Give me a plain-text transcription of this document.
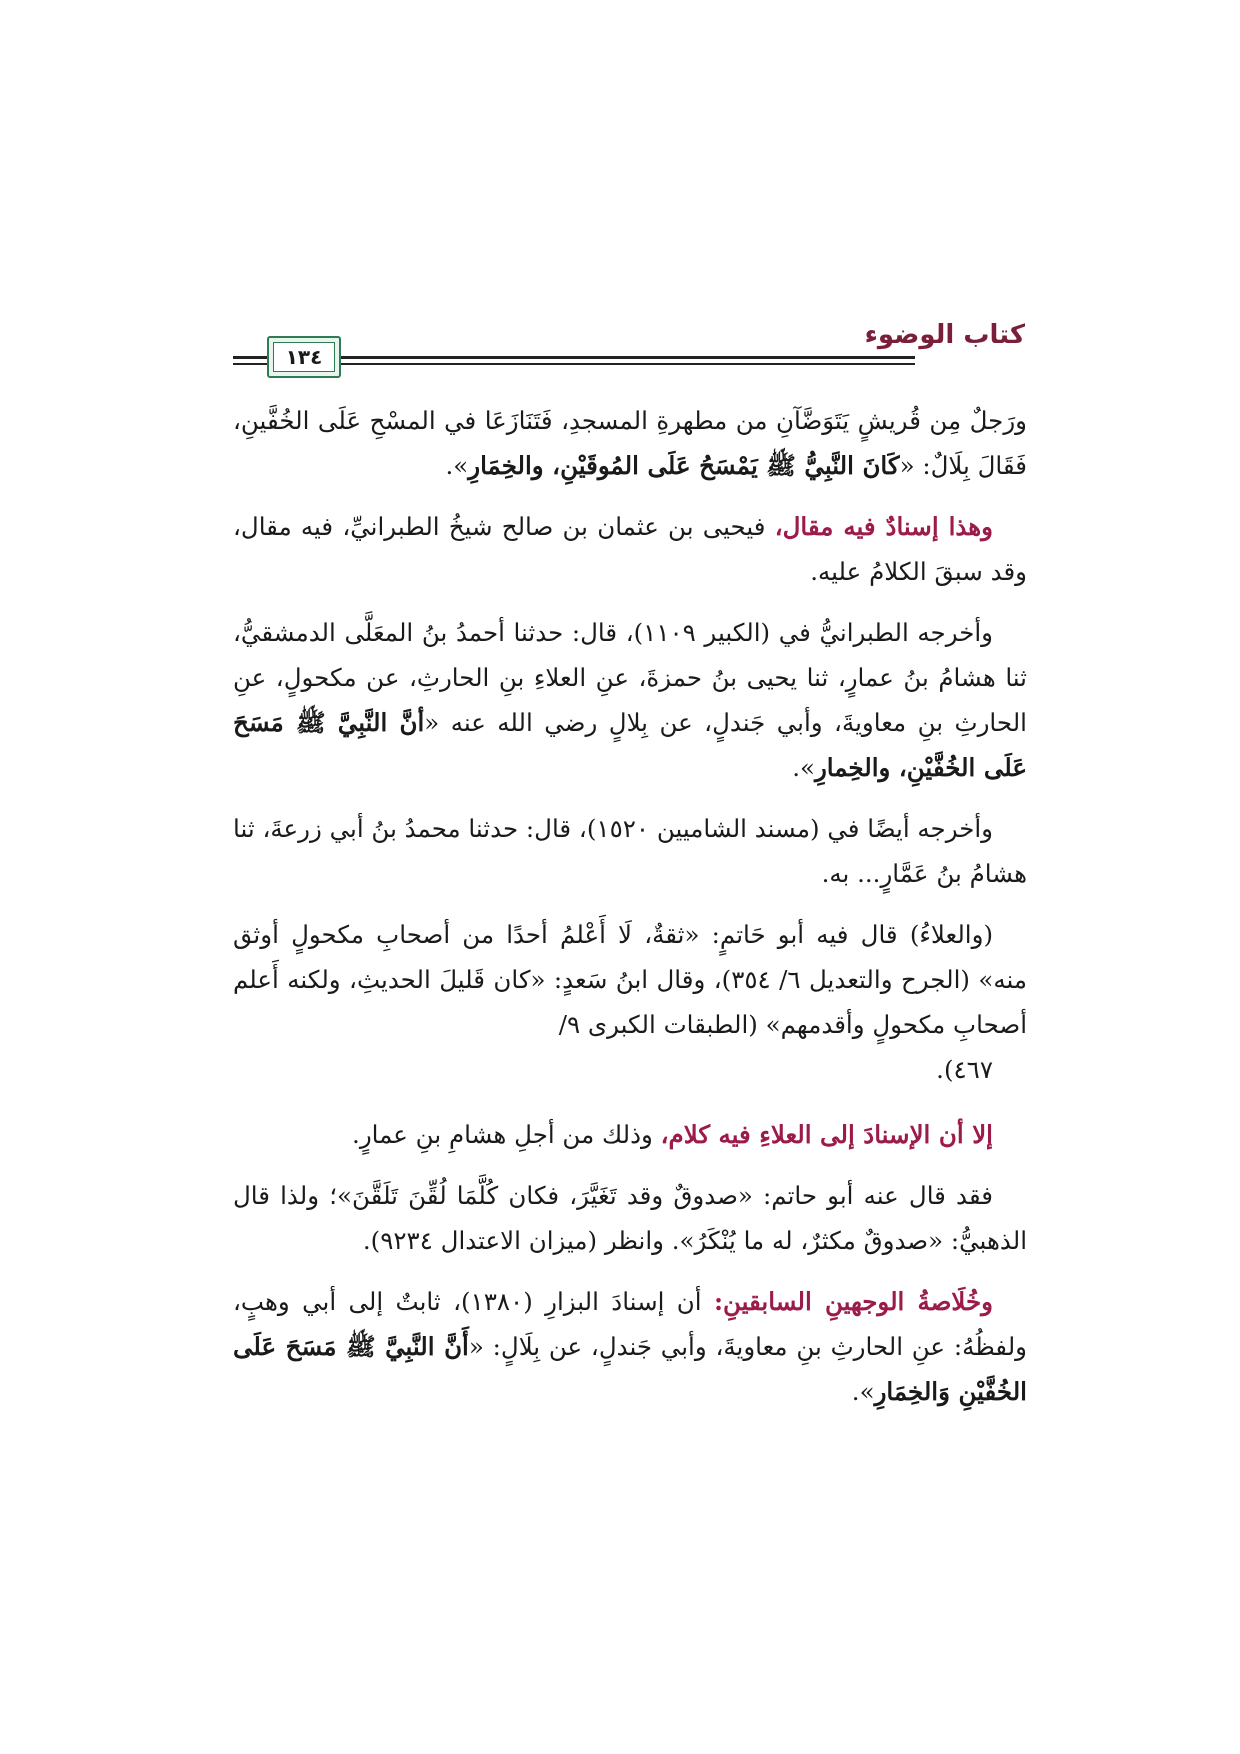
كتاب الوضوء
١٣٤

ورَجلٌ مِن قُريشٍ يَتَوَضَّآنِ من مطهرةِ المسجدِ، فَتَنَازَعَا في المسْحِ عَلَى الخُفَّينِ، فَقَالَ بِلَالٌ: «كَانَ النَّبِيُّ ﷺ يَمْسَحُ عَلَى المُوقَيْنِ، والخِمَارِ».

وهذا إسنادٌ فيه مقال، فيحيى بن عثمان بن صالح شيخُ الطبرانيِّ، فيه مقال، وقد سبقَ الكلامُ عليه.

وأخرجه الطبرانيُّ في (الكبير ١١٠٩)، قال: حدثنا أحمدُ بنُ المعَلَّى الدمشقيُّ، ثنا هشامُ بنُ عمارٍ، ثنا يحيى بنُ حمزةَ، عنِ العلاءِ بنِ الحارثِ، عن مكحولٍ، عنِ الحارثِ بنِ معاويةَ، وأبي جَندلٍ، عن بِلالٍ رضي الله عنه «أنَّ النَّبِيَّ ﷺ مَسَحَ عَلَى الخُفَّيْنِ، والخِمارِ».

وأخرجه أيضًا في (مسند الشاميين ١٥٢٠)، قال: حدثنا محمدُ بنُ أبي زرعةَ، ثنا هشامُ بنُ عَمَّارٍ... به.

(والعلاءُ) قال فيه أبو حَاتمٍ: «ثقةٌ، لَا أَعْلمُ أحدًا من أصحابِ مكحولٍ أوثق منه» (الجرح والتعديل ٦/ ٣٥٤)، وقال ابنُ سَعدٍ: «كان قَليلَ الحديثِ، ولكنه أَعلم أصحابِ مكحولٍ وأقدمهم» (الطبقات الكبرى ٩/
٤٦٧).

إلا أن الإسنادَ إلى العلاءِ فيه كلام، وذلك من أجلِ هشامِ بنِ عمارٍ.

فقد قال عنه أبو حاتم: «صدوقٌ وقد تَغَيَّرَ، فكان كُلَّمَا لُقِّنَ تَلَقَّنَ»؛ ولذا قال الذهبيُّ: «صدوقٌ مكثرٌ، له ما يُنْكَرُ». وانظر (ميزان الاعتدال ٩٢٣٤).

وخُلَاصةُ الوجهينِ السابقينِ: أن إسنادَ البزارِ (١٣٨٠)، ثابتٌ إلى أبي وهبٍ، ولفظُهُ: عنِ الحارثِ بنِ معاويةَ، وأبي جَندلٍ، عن بِلَالٍ: «أَنَّ النَّبِيَّ ﷺ مَسَحَ عَلَى الخُفَّيْنِ وَالخِمَارِ».
